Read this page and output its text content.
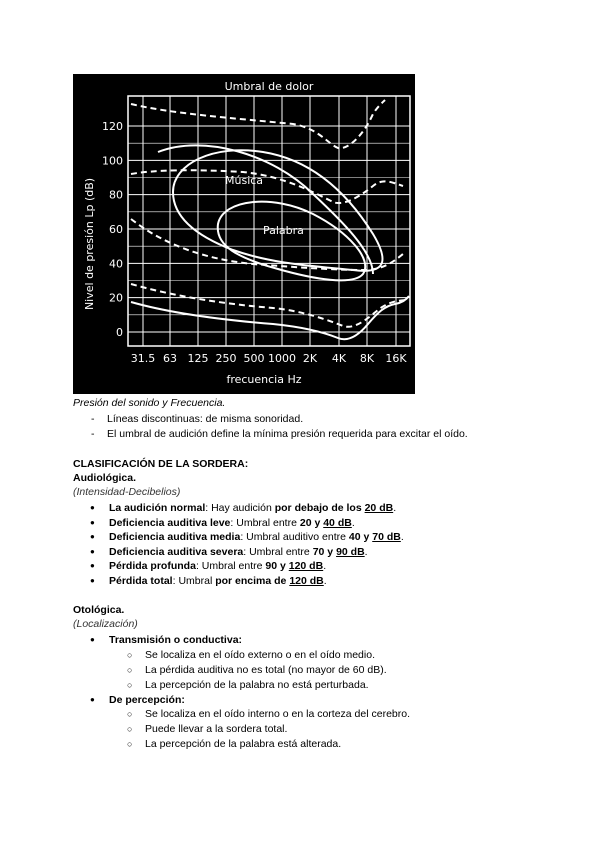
Umbral de dolor
Nivel de presión Lp (dB)
120
100
80
60
40
20
0
31.5 63 125 250 500 1000 2K 4K 8K 16K
frecuencia Hz
Música
Palabra
Presión del sonido y Frecuencia.
- Líneas discontinuas: de misma sonoridad.
- El umbral de audición define la mínima presión requerida para excitar el oído.
CLASIFICACIÓN DE LA SORDERA:
Audiológica.
(Intensidad-Decibelios)
● La audición normal: Hay audición por debajo de los 20 dB.
● Deficiencia auditiva leve: Umbral entre 20 y 40 dB.
● Deficiencia auditiva media: Umbral auditivo entre 40 y 70 dB.
● Deficiencia auditiva severa: Umbral entre 70 y 90 dB.
● Pérdida profunda: Umbral entre 90 y 120 dB.
● Pérdida total: Umbral por encima de 120 dB.
Otológica.
(Localización)
● Transmisión o conductiva:
○ Se localiza en el oído externo o en el oído medio.
○ La pérdida auditiva no es total (no mayor de 60 dB).
○ La percepción de la palabra no está perturbada.
● De percepción:
○ Se localiza en el oído interno o en la corteza del cerebro.
○ Puede llevar a la sordera total.
○ La percepción de la palabra está alterada.
